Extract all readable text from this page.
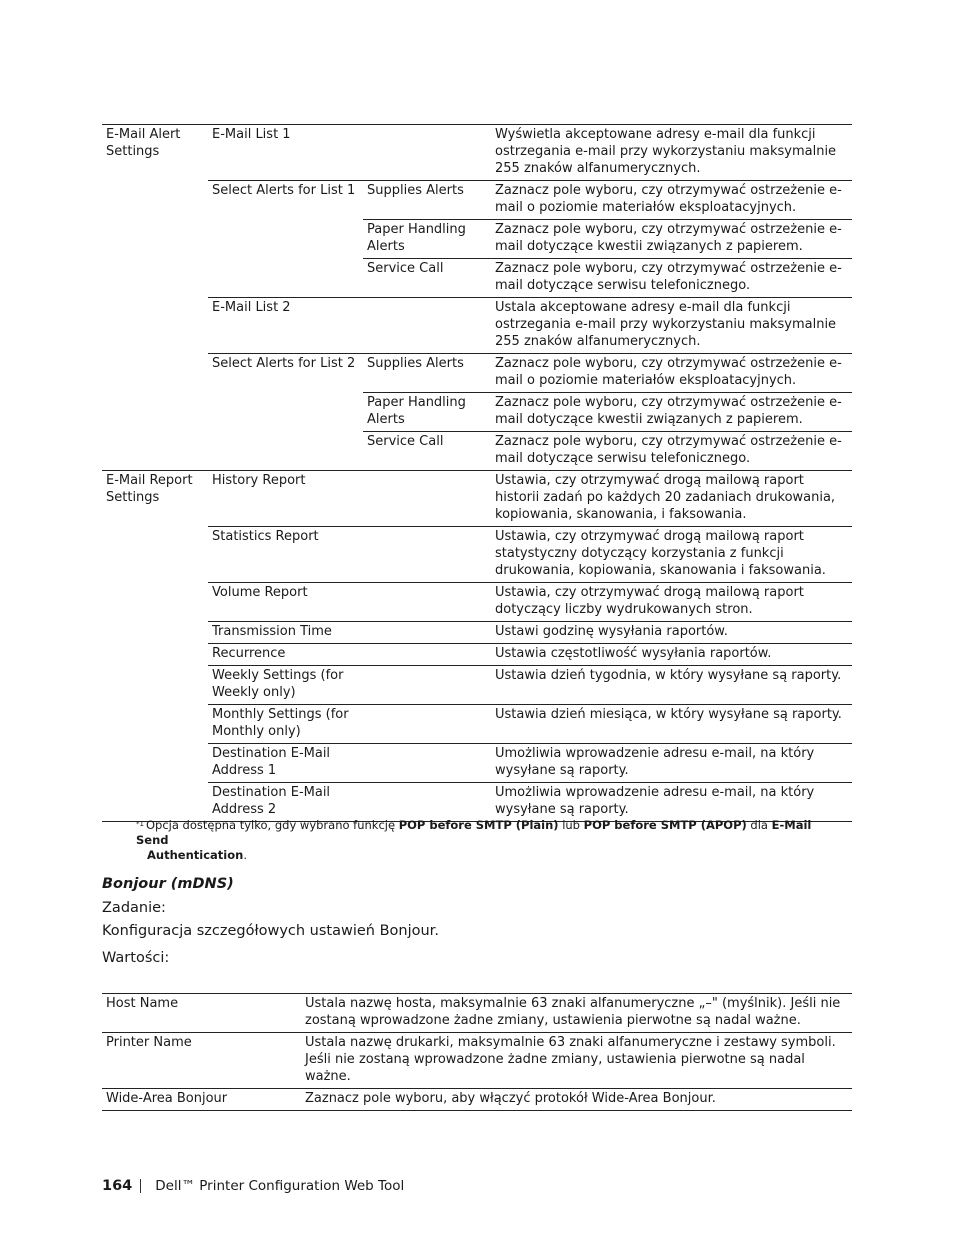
E-Mail Alert Settings	E-Mail List 1		Wyświetla akceptowane adresy e-mail dla funkcji ostrzegania e-mail przy wykorzystaniu maksymalnie 255 znaków alfanumerycznych.
	Select Alerts for List 1	Supplies Alerts	Zaznacz pole wyboru, czy otrzymywać ostrzeżenie e-mail o poziomie materiałów eksploatacyjnych.
		Paper Handling Alerts	Zaznacz pole wyboru, czy otrzymywać ostrzeżenie e-mail dotyczące kwestii związanych z papierem.
		Service Call	Zaznacz pole wyboru, czy otrzymywać ostrzeżenie e-mail dotyczące serwisu telefonicznego.
	E-Mail List 2		Ustala akceptowane adresy e-mail dla funkcji ostrzegania e-mail przy wykorzystaniu maksymalnie 255 znaków alfanumerycznych.
	Select Alerts for List 2	Supplies Alerts	Zaznacz pole wyboru, czy otrzymywać ostrzeżenie e-mail o poziomie materiałów eksploatacyjnych.
		Paper Handling Alerts	Zaznacz pole wyboru, czy otrzymywać ostrzeżenie e-mail dotyczące kwestii związanych z papierem.
		Service Call	Zaznacz pole wyboru, czy otrzymywać ostrzeżenie e-mail dotyczące serwisu telefonicznego.
E-Mail Report Settings	History Report		Ustawia, czy otrzymywać drogą mailową raport historii zadań po każdych 20 zadaniach drukowania, kopiowania, skanowania, i faksowania.
	Statistics Report		Ustawia, czy otrzymywać drogą mailową raport statystyczny dotyczący korzystania z funkcji drukowania, kopiowania, skanowania i faksowania.
	Volume Report		Ustawia, czy otrzymywać drogą mailową raport dotyczący liczby wydrukowanych stron.
	Transmission Time		Ustawi godzinę wysyłania raportów.
	Recurrence		Ustawia częstotliwość wysyłania raportów.
	Weekly Settings (for Weekly only)		Ustawia dzień tygodnia, w który wysyłane są raporty.
	Monthly Settings (for Monthly only)		Ustawia dzień miesiąca, w który wysyłane są raporty.
	Destination E-Mail Address 1		Umożliwia wprowadzenie adresu e-mail, na który wysyłane są raporty.
	Destination E-Mail Address 2		Umożliwia wprowadzenie adresu e-mail, na który wysyłane są raporty.
$^{*1}$ Opcja dostępna tylko, gdy wybrano funkcję POP before SMTP (Plain) lub POP before SMTP (APOP) dla E-Mail Send
Authentication.
Bonjour (mDNS)
Zadanie:
Konfiguracja szczegółowych ustawień Bonjour.
Wartości:
Host Name	Ustala nazwę hosta, maksymalnie 63 znaki alfanumeryczne „–" (myślnik). Jeśli nie zostaną wprowadzone żadne zmiany, ustawienia pierwotne są nadal ważne.
Printer Name	Ustala nazwę drukarki, maksymalnie 63 znaki alfanumeryczne i zestawy symboli. Jeśli nie zostaną wprowadzone żadne zmiany, ustawienia pierwotne są nadal ważne.
Wide-Area Bonjour	Zaznacz pole wyboru, aby włączyć protokół Wide-Area Bonjour.
164 Dell™ Printer Configuration Web Tool
